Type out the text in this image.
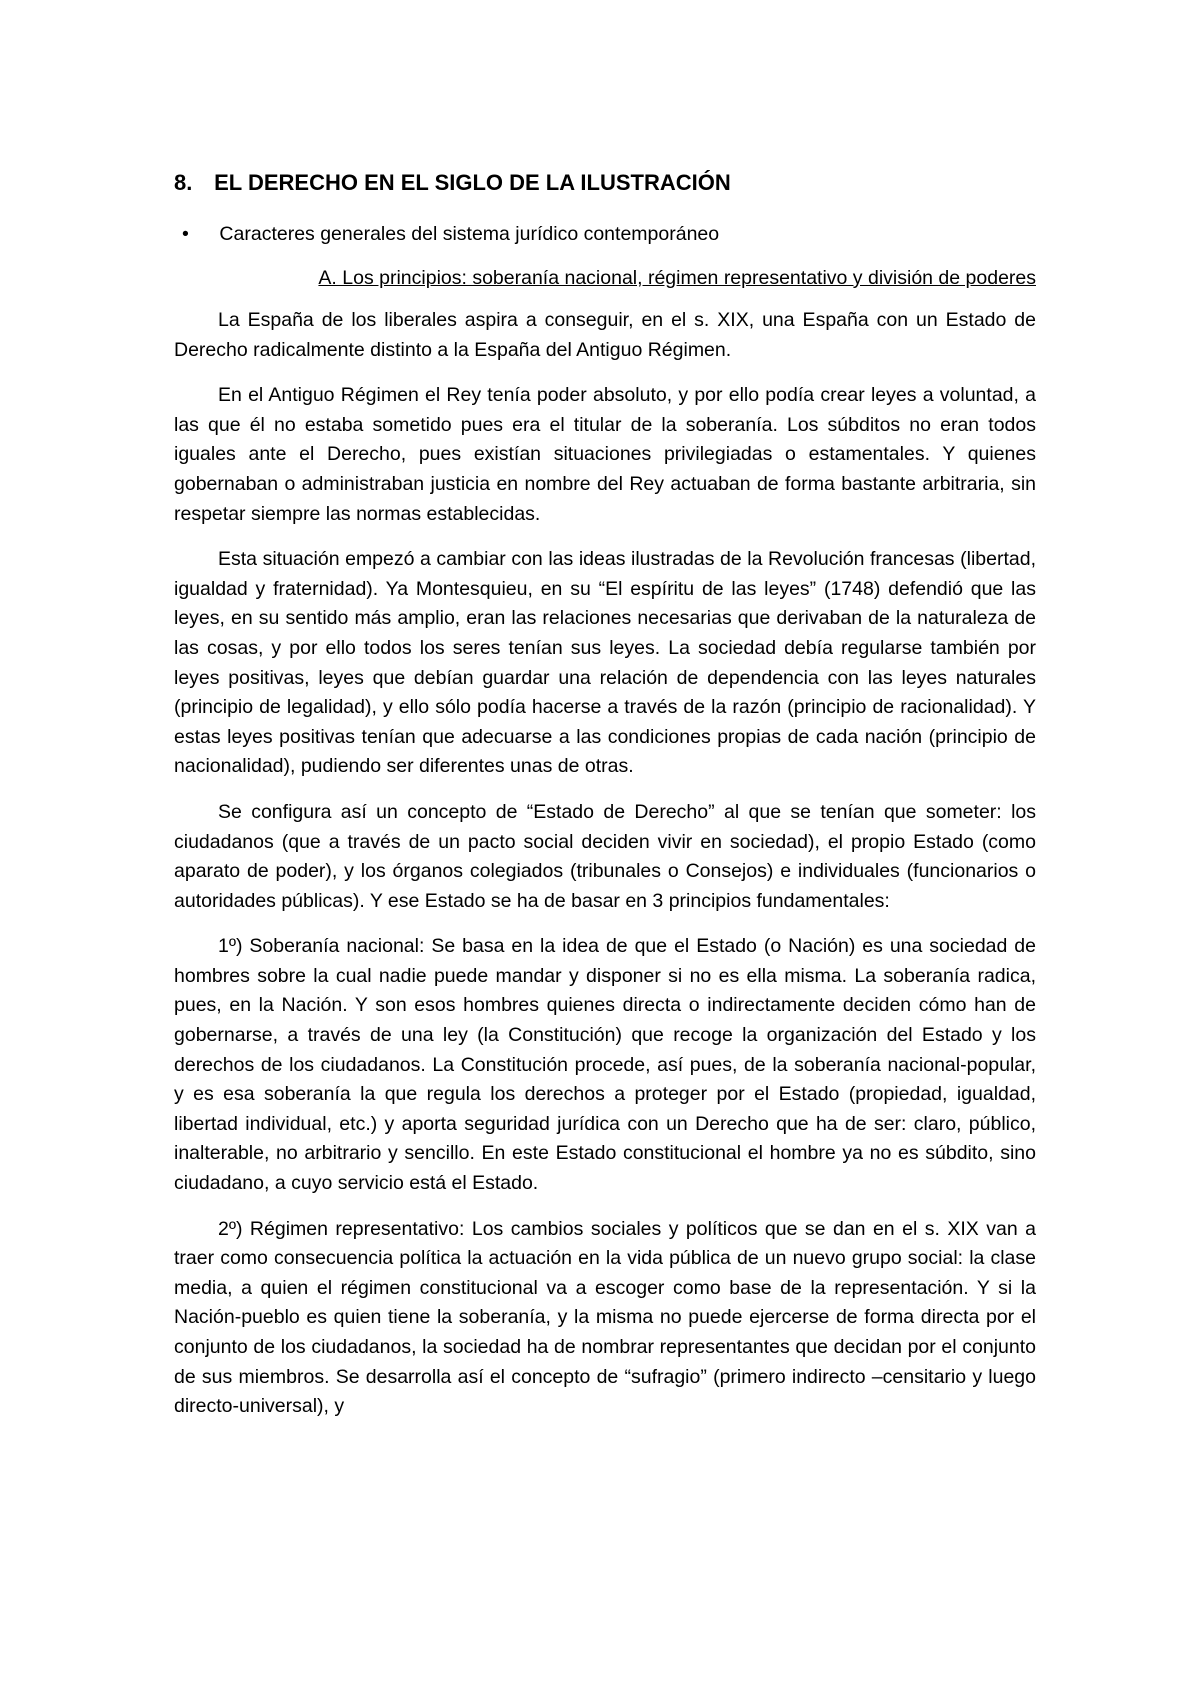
8. EL DERECHO EN EL SIGLO DE LA ILUSTRACIÓN
• Caracteres generales del sistema jurídico contemporáneo
A. Los principios: soberanía nacional, régimen representativo y división de poderes

La España de los liberales aspira a conseguir, en el s. XIX, una España con un Estado de Derecho radicalmente distinto a la España del Antiguo Régimen.

En el Antiguo Régimen el Rey tenía poder absoluto, y por ello podía crear leyes a voluntad, a las que él no estaba sometido pues era el titular de la soberanía. Los súbditos no eran todos iguales ante el Derecho, pues existían situaciones privilegiadas o estamentales. Y quienes gobernaban o administraban justicia en nombre del Rey actuaban de forma bastante arbitraria, sin respetar siempre las normas establecidas.

Esta situación empezó a cambiar con las ideas ilustradas de la Revolución francesas (libertad, igualdad y fraternidad). Ya Montesquieu, en su “El espíritu de las leyes” (1748) defendió que las leyes, en su sentido más amplio, eran las relaciones necesarias que derivaban de la naturaleza de las cosas, y por ello todos los seres tenían sus leyes. La sociedad debía regularse también por leyes positivas, leyes que debían guardar una relación de dependencia con las leyes naturales (principio de legalidad), y ello sólo podía hacerse a través de la razón (principio de racionalidad). Y estas leyes positivas tenían que adecuarse a las condiciones propias de cada nación (principio de nacionalidad), pudiendo ser diferentes unas de otras.

Se configura así un concepto de “Estado de Derecho” al que se tenían que someter: los ciudadanos (que a través de un pacto social deciden vivir en sociedad), el propio Estado (como aparato de poder), y los órganos colegiados (tribunales o Consejos) e individuales (funcionarios o autoridades públicas). Y ese Estado se ha de basar en 3 principios fundamentales:

1º) Soberanía nacional: Se basa en la idea de que el Estado (o Nación) es una sociedad de hombres sobre la cual nadie puede mandar y disponer si no es ella misma. La soberanía radica, pues, en la Nación. Y son esos hombres quienes directa o indirectamente deciden cómo han de gobernarse, a través de una ley (la Constitución) que recoge la organización del Estado y los derechos de los ciudadanos. La Constitución procede, así pues, de la soberanía nacional-popular, y es esa soberanía la que regula los derechos a proteger por el Estado (propiedad, igualdad, libertad individual, etc.) y aporta seguridad jurídica con un Derecho que ha de ser: claro, público, inalterable, no arbitrario y sencillo. En este Estado constitucional el hombre ya no es súbdito, sino ciudadano, a cuyo servicio está el Estado.

2º) Régimen representativo: Los cambios sociales y políticos que se dan en el s. XIX van a traer como consecuencia política la actuación en la vida pública de un nuevo grupo social: la clase media, a quien el régimen constitucional va a escoger como base de la representación. Y si la Nación-pueblo es quien tiene la soberanía, y la misma no puede ejercerse de forma directa por el conjunto de los ciudadanos, la sociedad ha de nombrar representantes que decidan por el conjunto de sus miembros. Se desarrolla así el concepto de “sufragio” (primero indirecto –censitario y luego directo-universal), y
